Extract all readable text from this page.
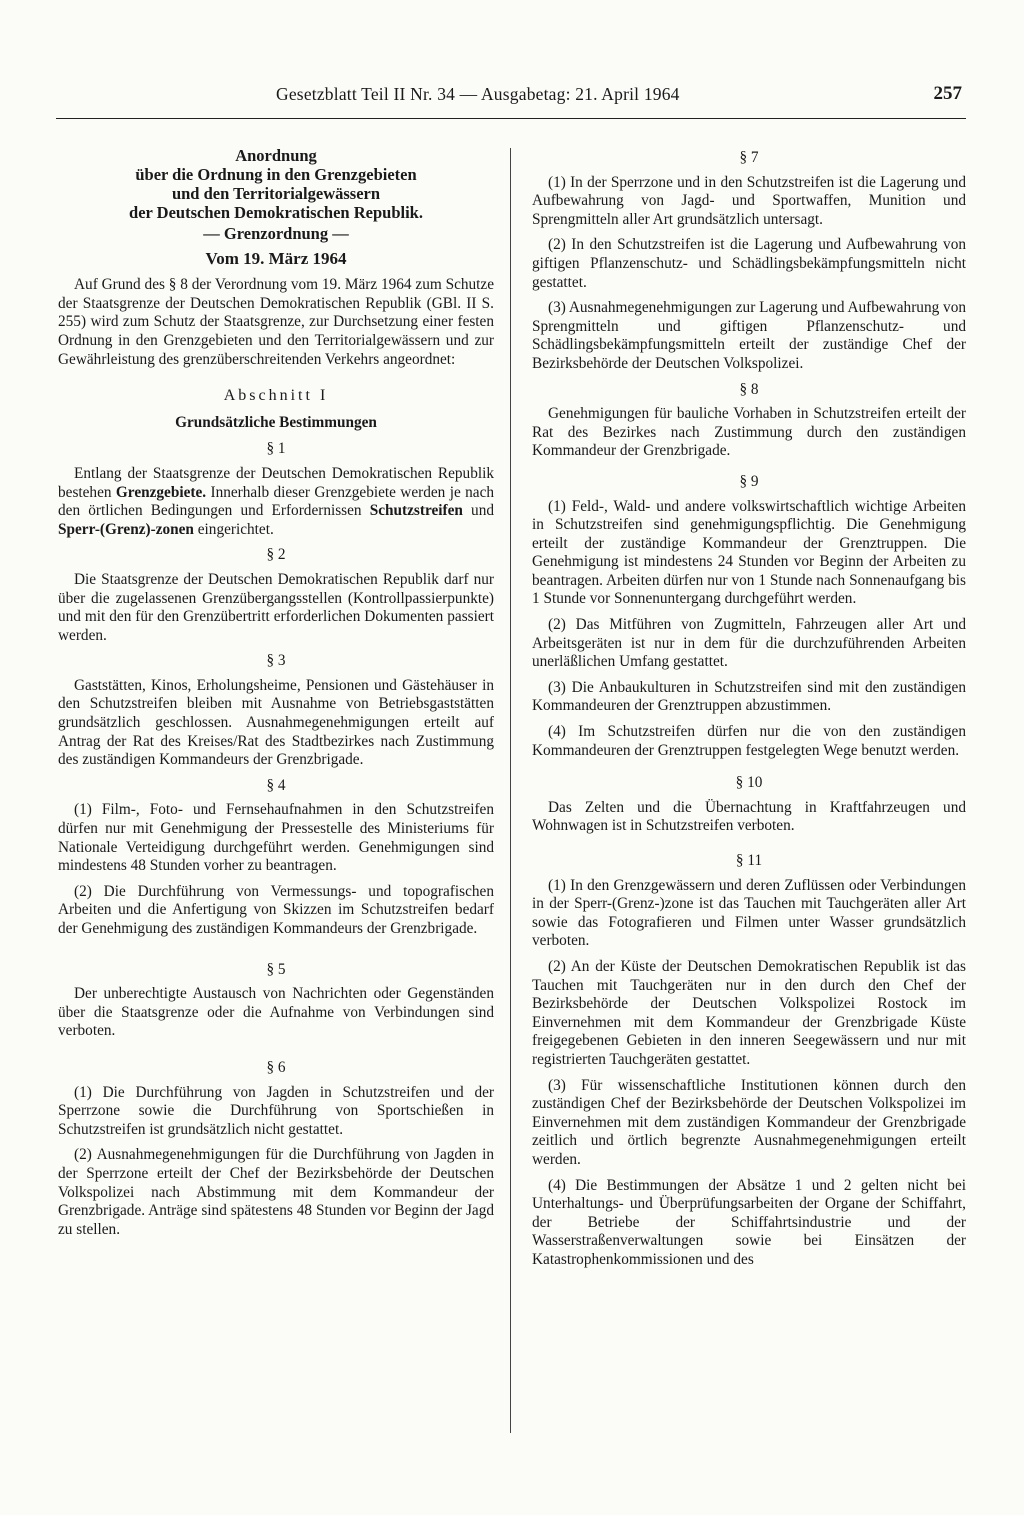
Gesetzblatt Teil II Nr. 34 — Ausgabetag: 21. April 1964	257
Anordnung
über die Ordnung in den Grenzgebieten
und den Territorialgewässern
der Deutschen Demokratischen Republik.
— Grenzordnung —
Vom 19. März 1964

Auf Grund des § 8 der Verordnung vom 19. März 1964 zum Schutze der Staatsgrenze der Deutschen Demokratischen Republik (GBl. II S. 255) wird zum Schutz der Staatsgrenze, zur Durchsetzung einer festen Ordnung in den Grenzgebieten und den Territorialgewässern und zur Gewährleistung des grenzüberschreitenden Verkehrs angeordnet:

Abschnitt I
Grundsätzliche Bestimmungen
§ 1

Entlang der Staatsgrenze der Deutschen Demokratischen Republik bestehen Grenzgebiete. Innerhalb dieser Grenzgebiete werden je nach den örtlichen Bedingungen und Erfordernissen Schutzstreifen und Sperr-(Grenz)-zonen eingerichtet.

§ 2

Die Staatsgrenze der Deutschen Demokratischen Republik darf nur über die zugelassenen Grenzübergangsstellen (Kontrollpassierpunkte) und mit den für den Grenzübertritt erforderlichen Dokumenten passiert werden.

§ 3

Gaststätten, Kinos, Erholungsheime, Pensionen und Gästehäuser in den Schutzstreifen bleiben mit Ausnahme von Betriebsgaststätten grundsätzlich geschlossen. Ausnahmegenehmigungen erteilt auf Antrag der Rat des Kreises/Rat des Stadtbezirkes nach Zustimmung des zuständigen Kommandeurs der Grenzbrigade.

§ 4

(1) Film-, Foto- und Fernsehaufnahmen in den Schutzstreifen dürfen nur mit Genehmigung der Pressestelle des Ministeriums für Nationale Verteidigung durchgeführt werden. Genehmigungen sind mindestens 48 Stunden vorher zu beantragen.

(2) Die Durchführung von Vermessungs- und topografischen Arbeiten und die Anfertigung von Skizzen im Schutzstreifen bedarf der Genehmigung des zuständigen Kommandeurs der Grenzbrigade.

§ 5

Der unberechtigte Austausch von Nachrichten oder Gegenständen über die Staatsgrenze oder die Aufnahme von Verbindungen sind verboten.

§ 6

(1) Die Durchführung von Jagden in Schutzstreifen und der Sperrzone sowie die Durchführung von Sportschießen in Schutzstreifen ist grundsätzlich nicht gestattet.

(2) Ausnahmegenehmigungen für die Durchführung von Jagden in der Sperrzone erteilt der Chef der Bezirksbehörde der Deutschen Volkspolizei nach Abstimmung mit dem Kommandeur der Grenzbrigade. Anträge sind spätestens 48 Stunden vor Beginn der Jagd zu stellen.

§ 7

(1) In der Sperrzone und in den Schutzstreifen ist die Lagerung und Aufbewahrung von Jagd- und Sportwaffen, Munition und Sprengmitteln aller Art grundsätzlich untersagt.

(2) In den Schutzstreifen ist die Lagerung und Aufbewahrung von giftigen Pflanzenschutz- und Schädlingsbekämpfungsmitteln nicht gestattet.

(3) Ausnahmegenehmigungen zur Lagerung und Aufbewahrung von Sprengmitteln und giftigen Pflanzenschutz- und Schädlingsbekämpfungsmitteln erteilt der zuständige Chef der Bezirksbehörde der Deutschen Volkspolizei.

§ 8

Genehmigungen für bauliche Vorhaben in Schutzstreifen erteilt der Rat des Bezirkes nach Zustimmung durch den zuständigen Kommandeur der Grenzbrigade.

§ 9

(1) Feld-, Wald- und andere volkswirtschaftlich wichtige Arbeiten in Schutzstreifen sind genehmigungspflichtig. Die Genehmigung erteilt der zuständige Kommandeur der Grenztruppen. Die Genehmigung ist mindestens 24 Stunden vor Beginn der Arbeiten zu beantragen. Arbeiten dürfen nur von 1 Stunde nach Sonnenaufgang bis 1 Stunde vor Sonnenuntergang durchgeführt werden.

(2) Das Mitführen von Zugmitteln, Fahrzeugen aller Art und Arbeitsgeräten ist nur in dem für die durchzuführenden Arbeiten unerläßlichen Umfang gestattet.

(3) Die Anbaukulturen in Schutzstreifen sind mit den zuständigen Kommandeuren der Grenztruppen abzustimmen.

(4) Im Schutzstreifen dürfen nur die von den zuständigen Kommandeuren der Grenztruppen festgelegten Wege benutzt werden.

§ 10

Das Zelten und die Übernachtung in Kraftfahrzeugen und Wohnwagen ist in Schutzstreifen verboten.

§ 11

(1) In den Grenzgewässern und deren Zuflüssen oder Verbindungen in der Sperr-(Grenz-)zone ist das Tauchen mit Tauchgeräten aller Art sowie das Fotografieren und Filmen unter Wasser grundsätzlich verboten.

(2) An der Küste der Deutschen Demokratischen Republik ist das Tauchen mit Tauchgeräten nur in den durch den Chef der Bezirksbehörde der Deutschen Volkspolizei Rostock im Einvernehmen mit dem Kommandeur der Grenzbrigade Küste freigegebenen Gebieten in den inneren Seegewässern und nur mit registrierten Tauchgeräten gestattet.

(3) Für wissenschaftliche Institutionen können durch den zuständigen Chef der Bezirksbehörde der Deutschen Volkspolizei im Einvernehmen mit dem zuständigen Kommandeur der Grenzbrigade zeitlich und örtlich begrenzte Ausnahmegenehmigungen erteilt werden.

(4) Die Bestimmungen der Absätze 1 und 2 gelten nicht bei Unterhaltungs- und Überprüfungsarbeiten der Organe der Schiffahrt, der Betriebe der Schiffahrtsindustrie und der Wasserstraßenverwaltungen sowie bei Einsätzen der Katastrophenkommissionen und des
